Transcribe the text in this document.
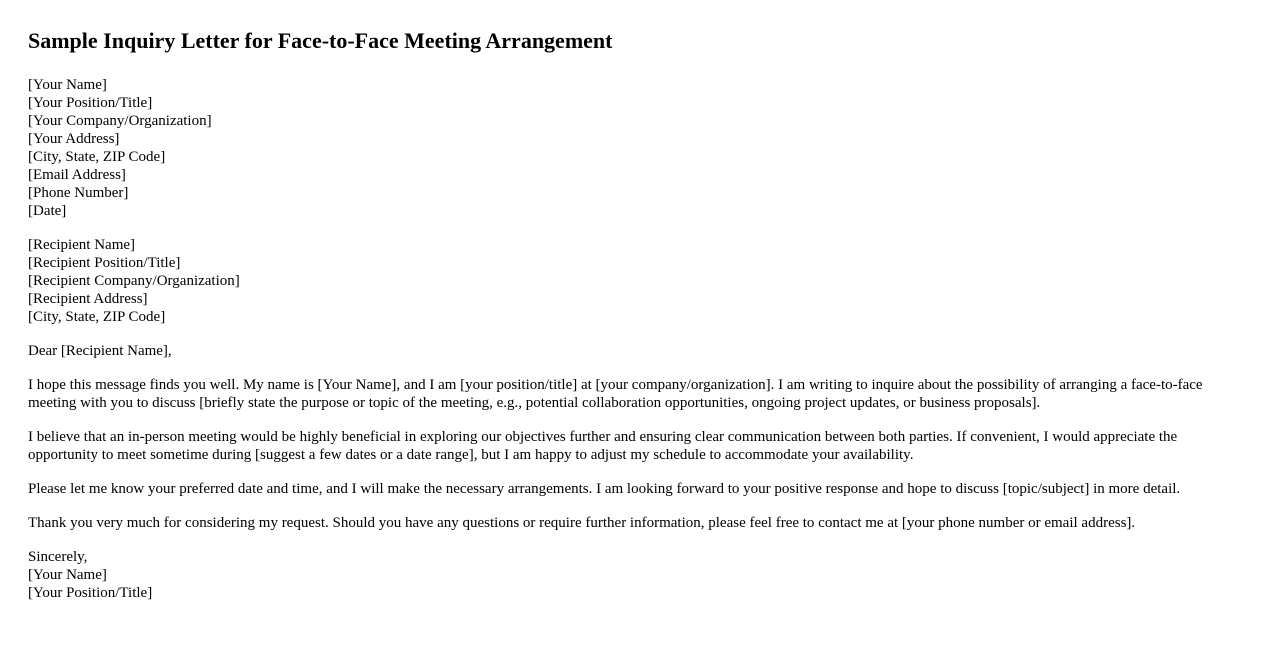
Sample Inquiry Letter for Face-to-Face Meeting Arrangement
[Your Name]
[Your Position/Title]
[Your Company/Organization]
[Your Address]
[City, State, ZIP Code]
[Email Address]
[Phone Number]
[Date]
[Recipient Name]
[Recipient Position/Title]
[Recipient Company/Organization]
[Recipient Address]
[City, State, ZIP Code]
Dear [Recipient Name],

I hope this message finds you well. My name is [Your Name], and I am [your position/title] at [your company/organization]. I am writing to inquire about the possibility of arranging a face-to-face meeting with you to discuss [briefly state the purpose or topic of the meeting, e.g., potential collaboration opportunities, ongoing project updates, or business proposals].

I believe that an in-person meeting would be highly beneficial in exploring our objectives further and ensuring clear communication between both parties. If convenient, I would appreciate the opportunity to meet sometime during [suggest a few dates or a date range], but I am happy to adjust my schedule to accommodate your availability.

Please let me know your preferred date and time, and I will make the necessary arrangements. I am looking forward to your positive response and hope to discuss [topic/subject] in more detail.

Thank you very much for considering my request. Should you have any questions or require further information, please feel free to contact me at [your phone number or email address].

Sincerely,
[Your Name]
[Your Position/Title]
